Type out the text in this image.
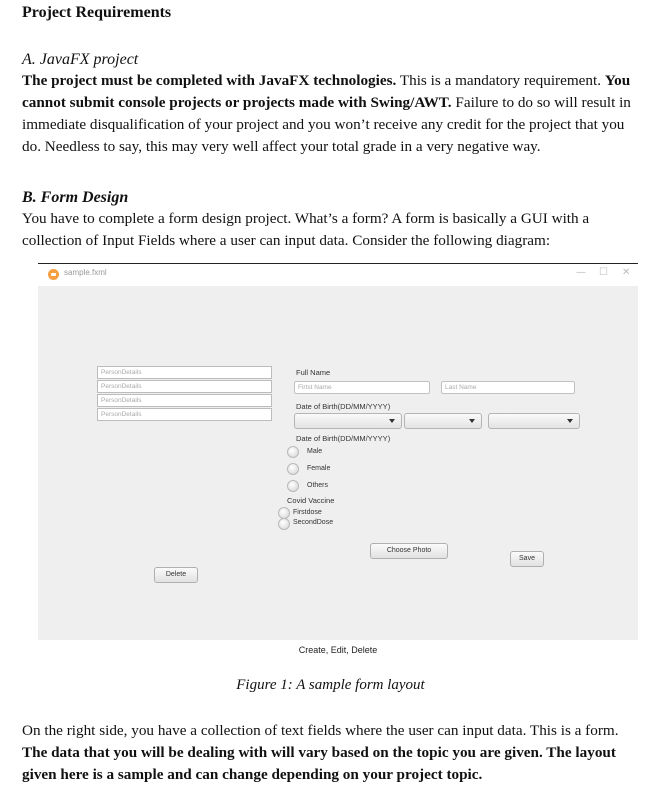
Project Requirements
A. JavaFX project
The project must be completed with JavaFX technologies. This is a mandatory requirement. You
cannot submit console projects or projects made with Swing/AWT. Failure to do so will result in
immediate disqualification of your project and you won’t receive any credit for the project that you
do. Needless to say, this may very well affect your total grade in a very negative way.
B. Form Design
You have to complete a form design project. What’s a form? A form is basically a GUI with a
collection of Input Fields where a user can input data. Consider the following diagram:
sample.fxml	— ☐ ✕
PersonDetails
PersonDetails
PersonDetails
PersonDetails
Full Name
Firtst Name	Last Name
Date of Birth(DD/MM/YYYY)
Date of Birth(DD/MM/YYYY)
Male
Female
Others
Covid Vaccine
Firstdose
SecondDose
Choose Photo
Save
Delete
Create, Edit, Delete
Figure 1: A sample form layout
On the right side, you have a collection of text fields where the user can input data. This is a form.
The data that you will be dealing with will vary based on the topic you are given. The layout
given here is a sample and can change depending on your project topic.
